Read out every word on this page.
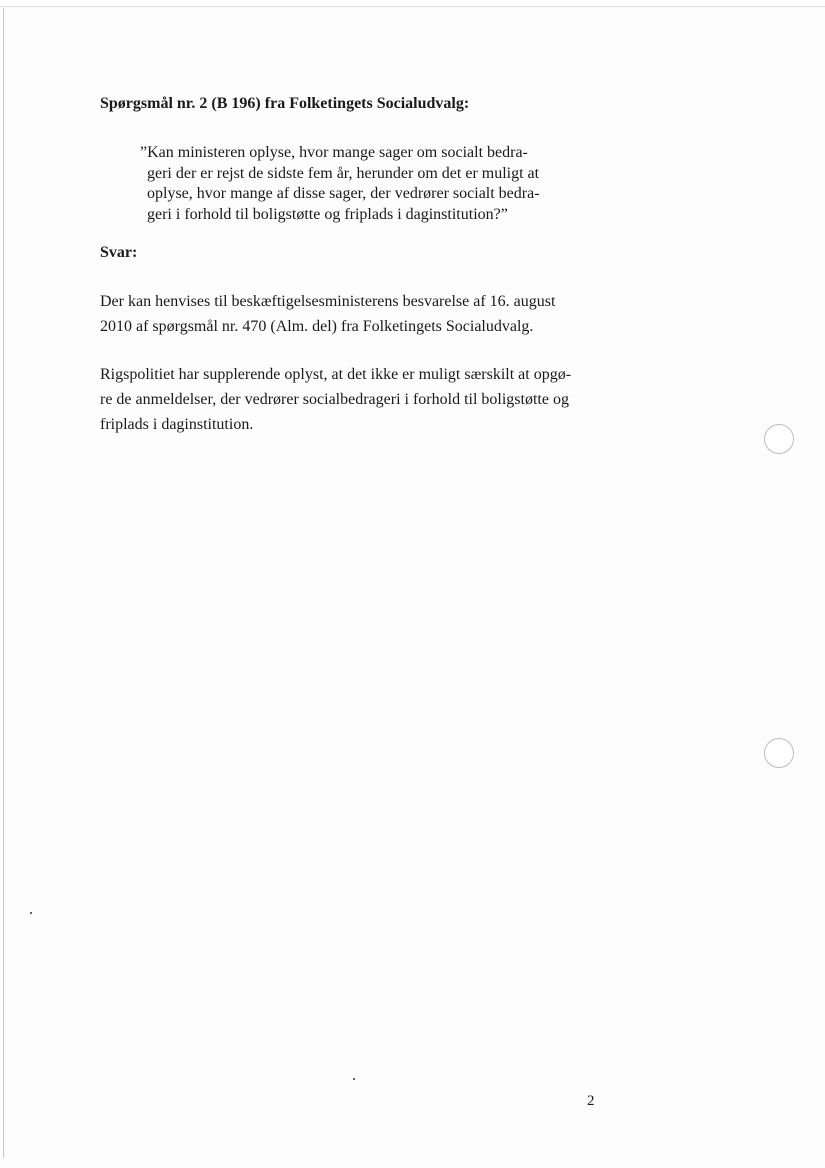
Spørgsmål nr. 2 (B 196) fra Folketingets Socialudvalg:
”Kan ministeren oplyse, hvor mange sager om socialt bedra-
geri der er rejst de sidste fem år, herunder om det er muligt at
oplyse, hvor mange af disse sager, der vedrører socialt bedra-
geri i forhold til boligstøtte og friplads i daginstitution?”
Svar:
Der kan henvises til beskæftigelsesministerens besvarelse af 16. august
2010 af spørgsmål nr. 470 (Alm. del) fra Folketingets Socialudvalg.
Rigspolitiet har supplerende oplyst, at det ikke er muligt særskilt at opgø-
re de anmeldelser, der vedrører socialbedrageri i forhold til boligstøtte og
friplads i daginstitution.
2
